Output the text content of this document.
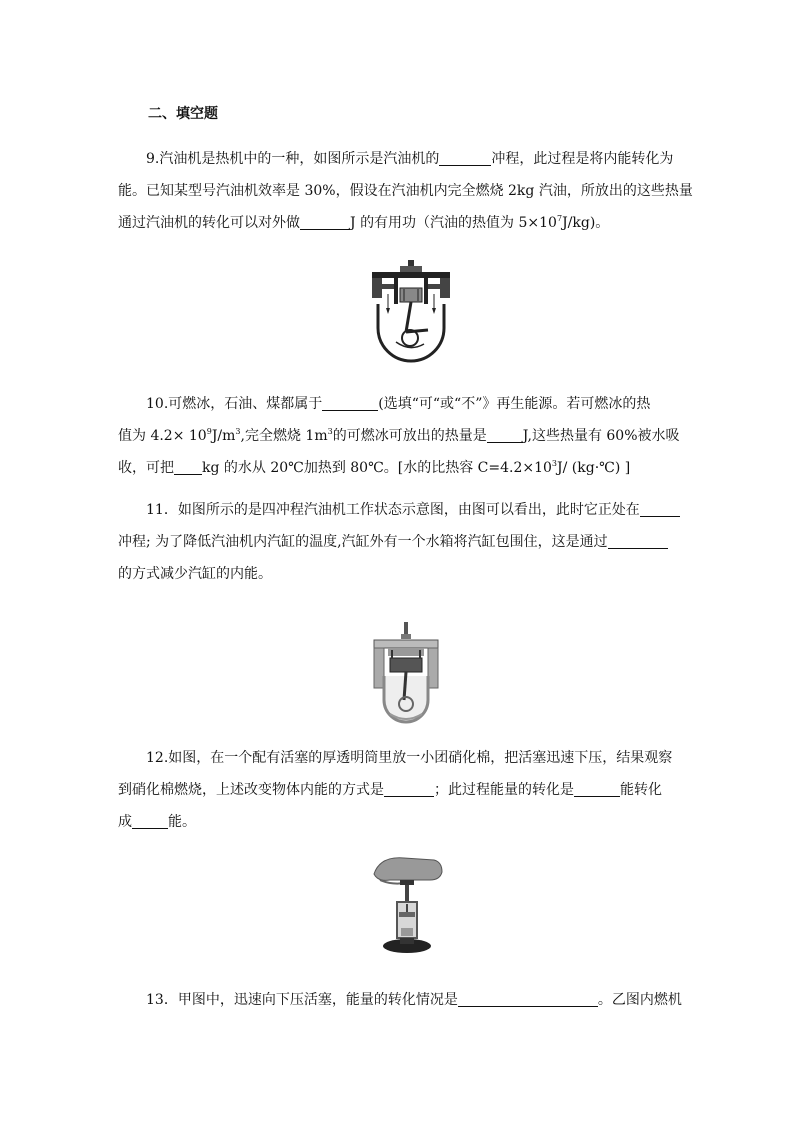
二、填空题
9.汽油机是热机中的一种，如图所示是汽油机的	冲程，此过程是将内能转化为
能。已知某型号汽油机效率是 30%，假设在汽油机内完全燃烧 2kg 汽油，所放出的这些热量
通过汽油机的转化可以对外做	J 的有用功（汽油的热值为 $5\times 10^7J/kg$)。
10.可燃冰，石油、煤都属于	(选填“可“或“不”》再生能源。若可燃冰的热
值为 $4.2\times 10^9J/m^3$,完全燃烧 $1m^3$的可燃冰可放出的热量是	J,这些热量有 60%被水吸
收，可把 kg 的水从 20℃加热到 80℃。[水的比热容 $C=4.2\times 10^3J/$ (kg·℃) ]
11．如图所示的是四冲程汽油机工作状态示意图，由图可以看出，此时它正处在
冲程; 为了降低汽油机内汽缸的温度,汽缸外有一个水箱将汽缸包围住，这是通过
的方式减少汽缸的内能。
12.如图，在一个配有活塞的厚透明筒里放一小团硝化棉，把活塞迅速下压，结果观察
到硝化棉燃烧，上述改变物体内能的方式是	；此过程能量的转化是	能转化
成	能。
13．甲图中，迅速向下压活塞，能量的转化情况是	。乙图内燃机
